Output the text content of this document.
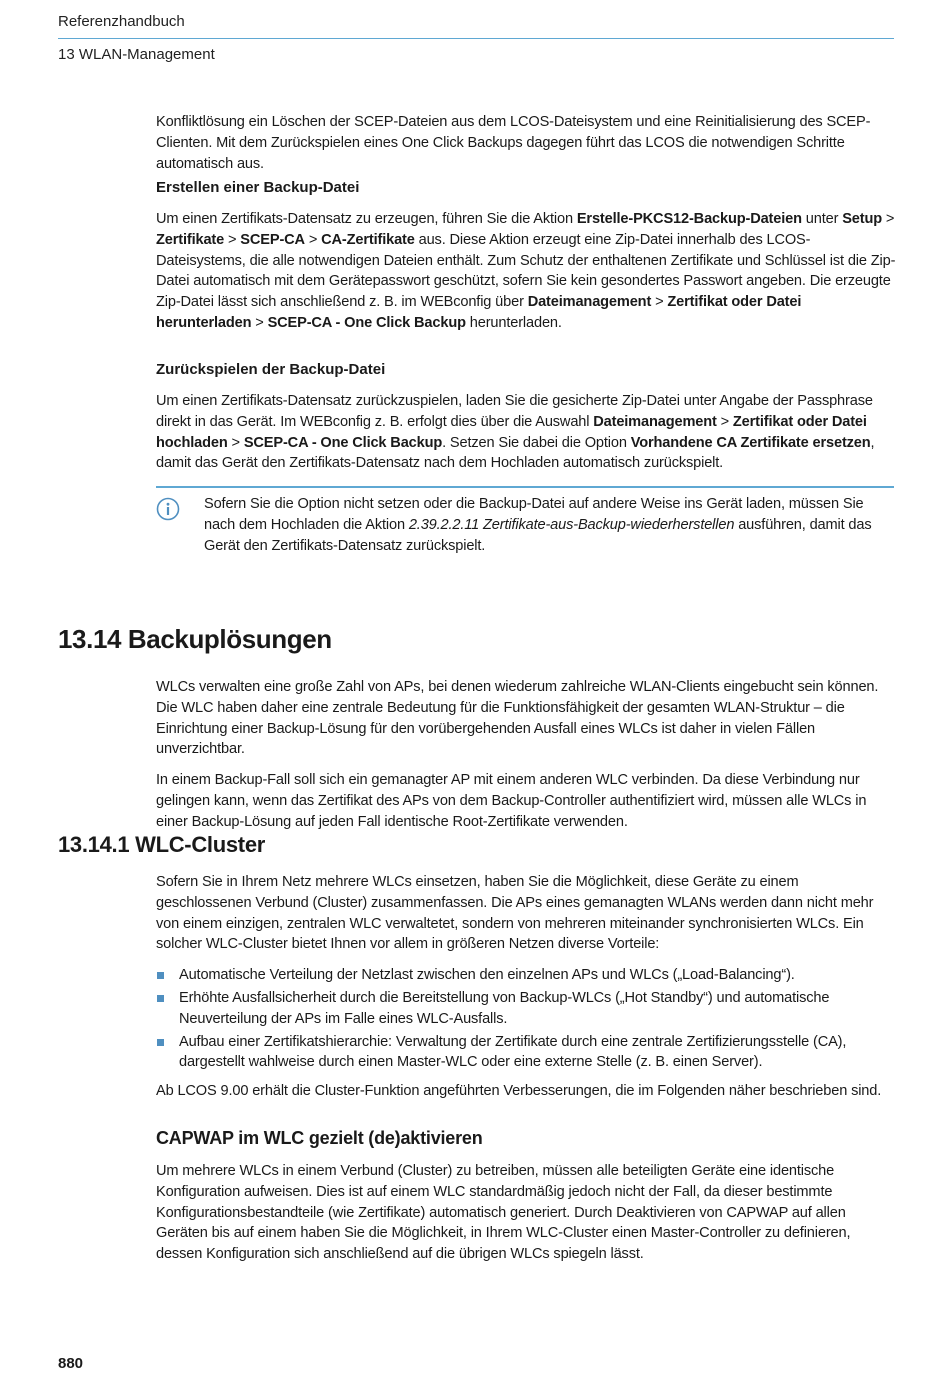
Referenzhandbuch
13 WLAN-Management

Konfliktlösung ein Löschen der SCEP-Dateien aus dem LCOS-Dateisystem und eine Reinitialisierung des SCEP-Clienten. Mit dem Zurückspielen eines One Click Backups dagegen führt das LCOS die notwendigen Schritte automatisch aus.

Erstellen einer Backup-Datei

Um einen Zertifikats-Datensatz zu erzeugen, führen Sie die Aktion Erstelle-PKCS12-Backup-Dateien unter Setup > Zertifikate > SCEP-CA > CA-Zertifikate aus. Diese Aktion erzeugt eine Zip-Datei innerhalb des LCOS-Dateisystems, die alle notwendigen Dateien enthält. Zum Schutz der enthaltenen Zertifikate und Schlüssel ist die Zip-Datei automatisch mit dem Gerätepasswort geschützt, sofern Sie kein gesondertes Passwort angeben. Die erzeugte Zip-Datei lässt sich anschließend z. B. im WEBconfig über Dateimanagement > Zertifikat oder Datei herunterladen > SCEP-CA - One Click Backup herunterladen.

Zurückspielen der Backup-Datei

Um einen Zertifikats-Datensatz zurückzuspielen, laden Sie die gesicherte Zip-Datei unter Angabe der Passphrase direkt in das Gerät. Im WEBconfig z. B. erfolgt dies über die Auswahl Dateimanagement > Zertifikat oder Datei hochladen > SCEP-CA - One Click Backup. Setzen Sie dabei die Option Vorhandene CA Zertifikate ersetzen, damit das Gerät den Zertifikats-Datensatz nach dem Hochladen automatisch zurückspielt.

Sofern Sie die Option nicht setzen oder die Backup-Datei auf andere Weise ins Gerät laden, müssen Sie nach dem Hochladen die Aktion 2.39.2.2.11 Zertifikate-aus-Backup-wiederherstellen ausführen, damit das Gerät den Zertifikats-Datensatz zurückspielt.

13.14 Backuplösungen

WLCs verwalten eine große Zahl von APs, bei denen wiederum zahlreiche WLAN-Clients eingebucht sein können. Die WLC haben daher eine zentrale Bedeutung für die Funktionsfähigkeit der gesamten WLAN-Struktur – die Einrichtung einer Backup-Lösung für den vorübergehenden Ausfall eines WLCs ist daher in vielen Fällen unverzichtbar.

In einem Backup-Fall soll sich ein gemanagter AP mit einem anderen WLC verbinden. Da diese Verbindung nur gelingen kann, wenn das Zertifikat des APs von dem Backup-Controller authentifiziert wird, müssen alle WLCs in einer Backup-Lösung auf jeden Fall identische Root-Zertifikate verwenden.

13.14.1 WLC-Cluster

Sofern Sie in Ihrem Netz mehrere WLCs einsetzen, haben Sie die Möglichkeit, diese Geräte zu einem geschlossenen Verbund (Cluster) zusammenfassen. Die APs eines gemanagten WLANs werden dann nicht mehr von einem einzigen, zentralen WLC verwaltetet, sondern von mehreren miteinander synchronisierten WLCs. Ein solcher WLC-Cluster bietet Ihnen vor allem in größeren Netzen diverse Vorteile:

Automatische Verteilung der Netzlast zwischen den einzelnen APs und WLCs („Load-Balancing“).
Erhöhte Ausfallsicherheit durch die Bereitstellung von Backup-WLCs („Hot Standby“) und automatische Neuverteilung der APs im Falle eines WLC-Ausfalls.
Aufbau einer Zertifikatshierarchie: Verwaltung der Zertifikate durch eine zentrale Zertifizierungsstelle (CA), dargestellt wahlweise durch einen Master-WLC oder eine externe Stelle (z. B. einen Server).

Ab LCOS 9.00 erhält die Cluster-Funktion angeführten Verbesserungen, die im Folgenden näher beschrieben sind.

CAPWAP im WLC gezielt (de)aktivieren

Um mehrere WLCs in einem Verbund (Cluster) zu betreiben, müssen alle beteiligten Geräte eine identische Konfiguration aufweisen. Dies ist auf einem WLC standardmäßig jedoch nicht der Fall, da dieser bestimmte Konfigurationsbestandteile (wie Zertifikate) automatisch generiert. Durch Deaktivieren von CAPWAP auf allen Geräten bis auf einem haben Sie die Möglichkeit, in Ihrem WLC-Cluster einen Master-Controller zu definieren, dessen Konfiguration sich anschließend auf die übrigen WLCs spiegeln lässt.

880
